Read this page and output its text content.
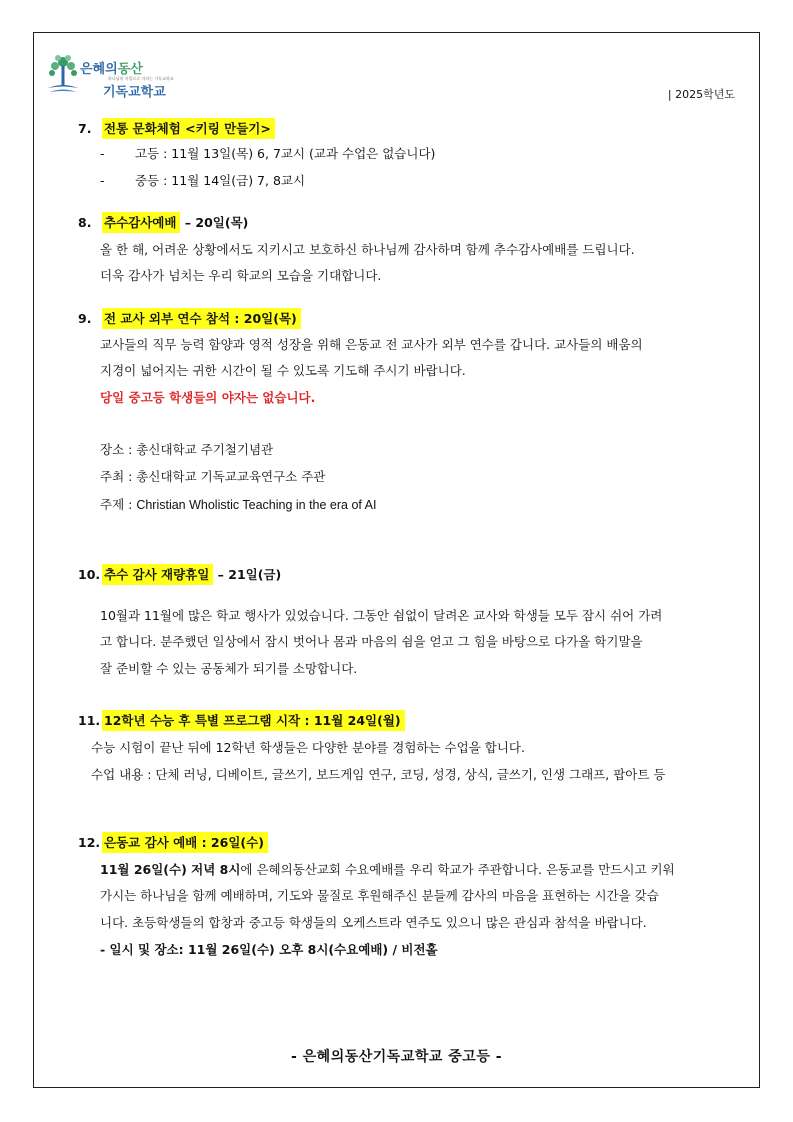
은혜의동산
하나님의 사랑으로 자라는 기독교학교
기독교학교	| 2025학년도
7. 전통 문화체험 <키링 만들기>
- 고등 : 11월 13일(목) 6, 7교시 (교과 수업은 없습니다)
- 중등 : 11월 14일(금) 7, 8교시
8. 추수감사예배 – 20일(목)
올 한 해, 어려운 상황에서도 지키시고 보호하신 하나님께 감사하며 함께 추수감사예배를 드립니다.
더욱 감사가 넘치는 우리 학교의 모습을 기대합니다.
9. 전 교사 외부 연수 참석 : 20일(목)
교사들의 직무 능력 함양과 영적 성장을 위해 은동교 전 교사가 외부 연수를 갑니다. 교사들의 배움의
지경이 넓어지는 귀한 시간이 될 수 있도록 기도해 주시기 바랍니다.
당일 중고등 학생들의 야자는 없습니다.
장소 : 총신대학교 주기철기념관
주최 : 총신대학교 기독교교육연구소 주관
주제 : Christian Wholistic Teaching in the era of AI
10. 추수 감사 재량휴일 – 21일(금)
10월과 11월에 많은 학교 행사가 있었습니다. 그동안 쉼없이 달려온 교사와 학생들 모두 잠시 쉬어 가려
고 합니다. 분주했던 일상에서 잠시 벗어나 몸과 마음의 쉼을 얻고 그 힘을 바탕으로 다가올 학기말을
잘 준비할 수 있는 공동체가 되기를 소망합니다.
11. 12학년 수능 후 특별 프로그램 시작 : 11월 24일(월)
수능 시험이 끝난 뒤에 12학년 학생들은 다양한 분야를 경험하는 수업을 합니다.
수업 내용 : 단체 러닝, 디베이트, 글쓰기, 보드게임 연구, 코딩, 성경, 상식, 글쓰기, 인생 그래프, 팝아트 등
12. 은동교 감사 예배 : 26일(수)
11월 26일(수) 저녁 8시에 은혜의동산교회 수요예배를 우리 학교가 주관합니다. 은동교를 만드시고 키워
가시는 하나님을 함께 예배하며, 기도와 물질로 후원해주신 분들께 감사의 마음을 표현하는 시간을 갖습
니다. 초등학생들의 합창과 중고등 학생들의 오케스트라 연주도 있으니 많은 관심과 참석을 바랍니다.
- 일시 및 장소: 11월 26일(수) 오후 8시(수요예배) / 비전홀
- 은혜의동산기독교학교 중고등 -
